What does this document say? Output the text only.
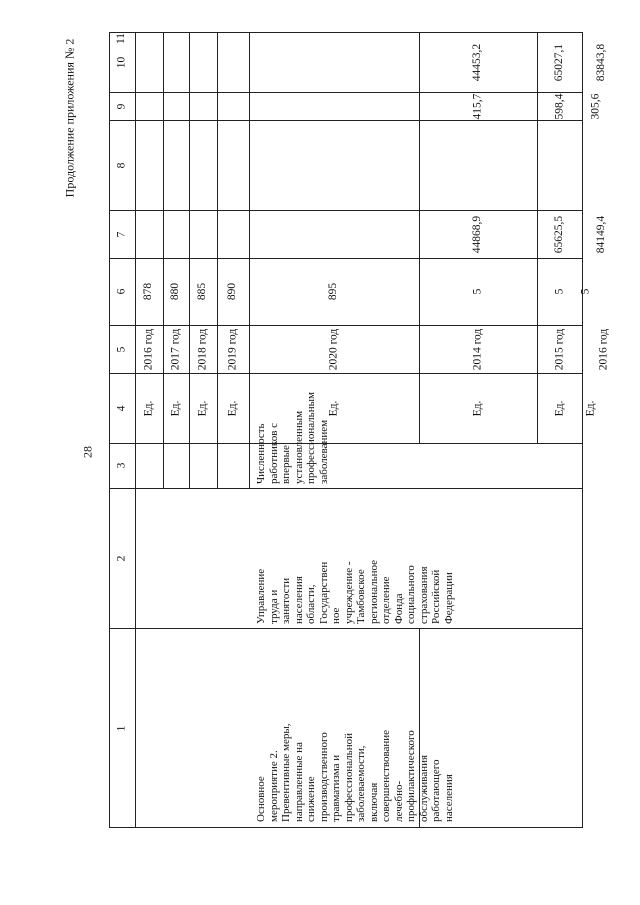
28
Продолжение приложения № 2
1
2
3
4
5
6
7
8
9
10
11
Ед.
2016 год
878
Ед.
2017 год
880
Ед.
2018 год
885
Ед.
2019 год
890
Ед.
2020 год
895
Ед.
2014 год
5
44868,9
415,7
44453,2
Ед.
2015 год
5
65625,5
598,4
65027,1
Ед.
2016 год
5
84149,4
305,6
83843,8
Основное мероприятие 2. Превентивные меры, направленные на снижение производственного травматизма и профессиональной заболеваемости, включая совершенствование лечебно- профилактического обслуживания работающего населения
Управление труда и занятости населения области, Государствен ное учреждение - Тамбовское региональное отделение Фонда социального страхования Российской Федерации
Численность работников с впервые установленным профессиональным заболеванием
